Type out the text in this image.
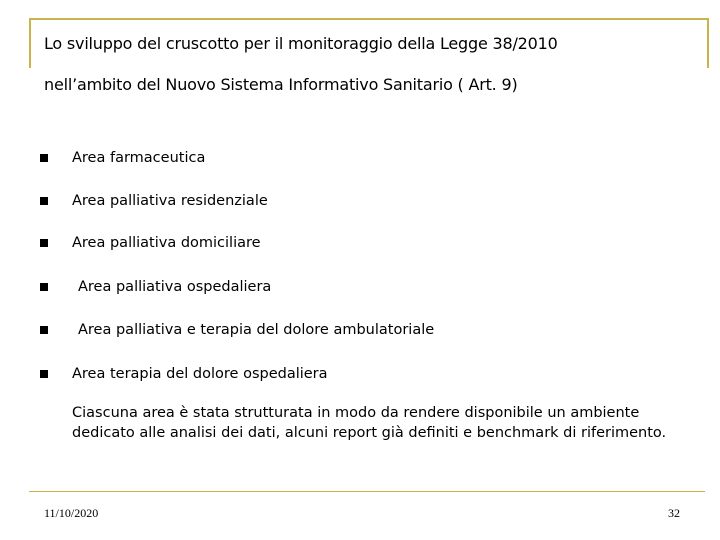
Lo sviluppo del cruscotto per il monitoraggio della Legge 38/2010
nell’ambito del Nuovo Sistema Informativo Sanitario ( Art. 9)
Area farmaceutica
Area palliativa residenziale
Area palliativa domiciliare
Area palliativa ospedaliera
Area palliativa e terapia del dolore ambulatoriale
Area terapia del dolore ospedaliera
Ciascuna area è stata strutturata in modo da rendere disponibile un ambiente dedicato alle analisi dei dati, alcuni report già definiti e benchmark di riferimento.
11/10/2020	32
